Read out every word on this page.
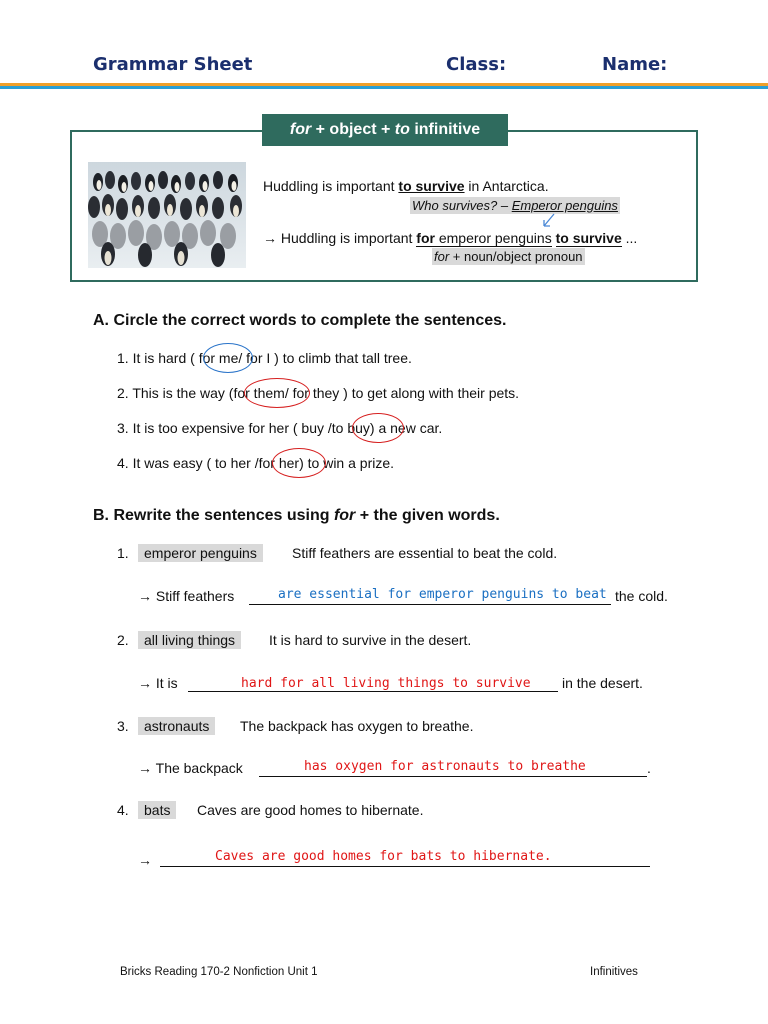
Grammar Sheet	Class:	Name:
for + object + to infinitive
Huddling is important to survive in Antarctica.
Who survives? – Emperor penguins
→ Huddling is important for emperor penguins to survive ...
for + noun/object pronoun
A. Circle the correct words to complete the sentences.
1. It is hard ( for me/ for I ) to climb that tall tree.
2. This is the way (for them/ for they ) to get along with their pets.
3. It is too expensive for her ( buy /to buy) a new car.
4. It was easy ( to her /for her) to win a prize.
B. Rewrite the sentences using for + the given words.
1.	emperor penguins	Stiff feathers are essential to beat the cold.
→ Stiff feathers	are essential for emperor penguins to beat the cold.
2.	all living things	It is hard to survive in the desert.
→ It is	hard for all living things to survive in the desert.
3.	astronauts	The backpack has oxygen to breathe.
→ The backpack	has oxygen for astronauts to breathe	.
4.	bats	Caves are good homes to hibernate.
→	Caves are good homes for bats to hibernate.
Bricks Reading 170-2 Nonfiction Unit 1	Infinitives
